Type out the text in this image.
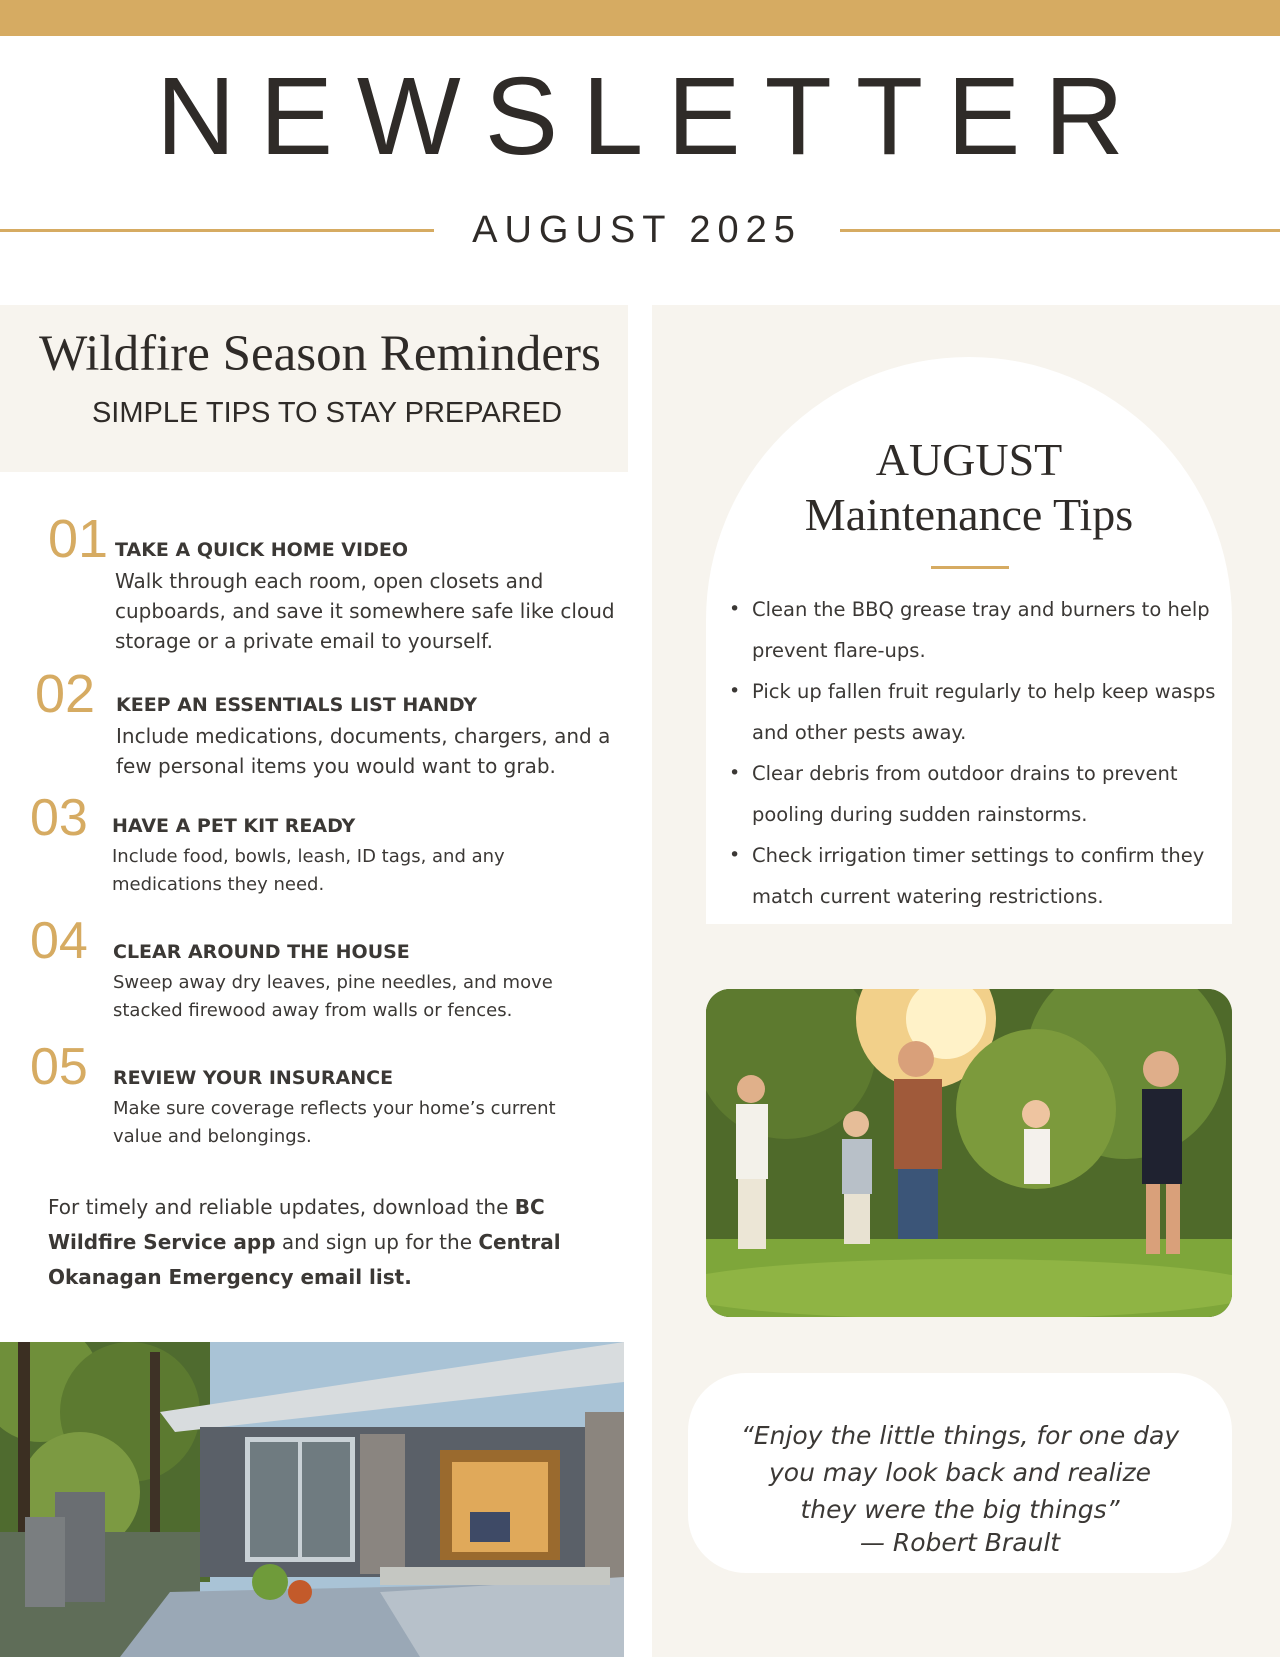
NEWSLETTER
AUGUST 2025
Wildfire Season Reminders
SIMPLE TIPS TO STAY PREPARED
01 TAKE A QUICK HOME VIDEO
Walk through each room, open closets and cupboards, and save it somewhere safe like cloud storage or a private email to yourself.
02 KEEP AN ESSENTIALS LIST HANDY
Include medications, documents, chargers, and a few personal items you would want to grab.
03 HAVE A PET KIT READY
Include food, bowls, leash, ID tags, and any medications they need.
04 CLEAR AROUND THE HOUSE
Sweep away dry leaves, pine needles, and move stacked firewood away from walls or fences.
05 REVIEW YOUR INSURANCE
Make sure coverage reflects your home’s current value and belongings.
For timely and reliable updates, download the BC Wildfire Service app and sign up for the Central Okanagan Emergency email list.
AUGUST
Maintenance Tips
• Clean the BBQ grease tray and burners to help prevent flare-ups.
• Pick up fallen fruit regularly to help keep wasps and other pests away.
• Clear debris from outdoor drains to prevent pooling during sudden rainstorms.
• Check irrigation timer settings to confirm they match current watering restrictions.
“Enjoy the little things, for one day
you may look back and realize
they were the big things”
— Robert Brault
